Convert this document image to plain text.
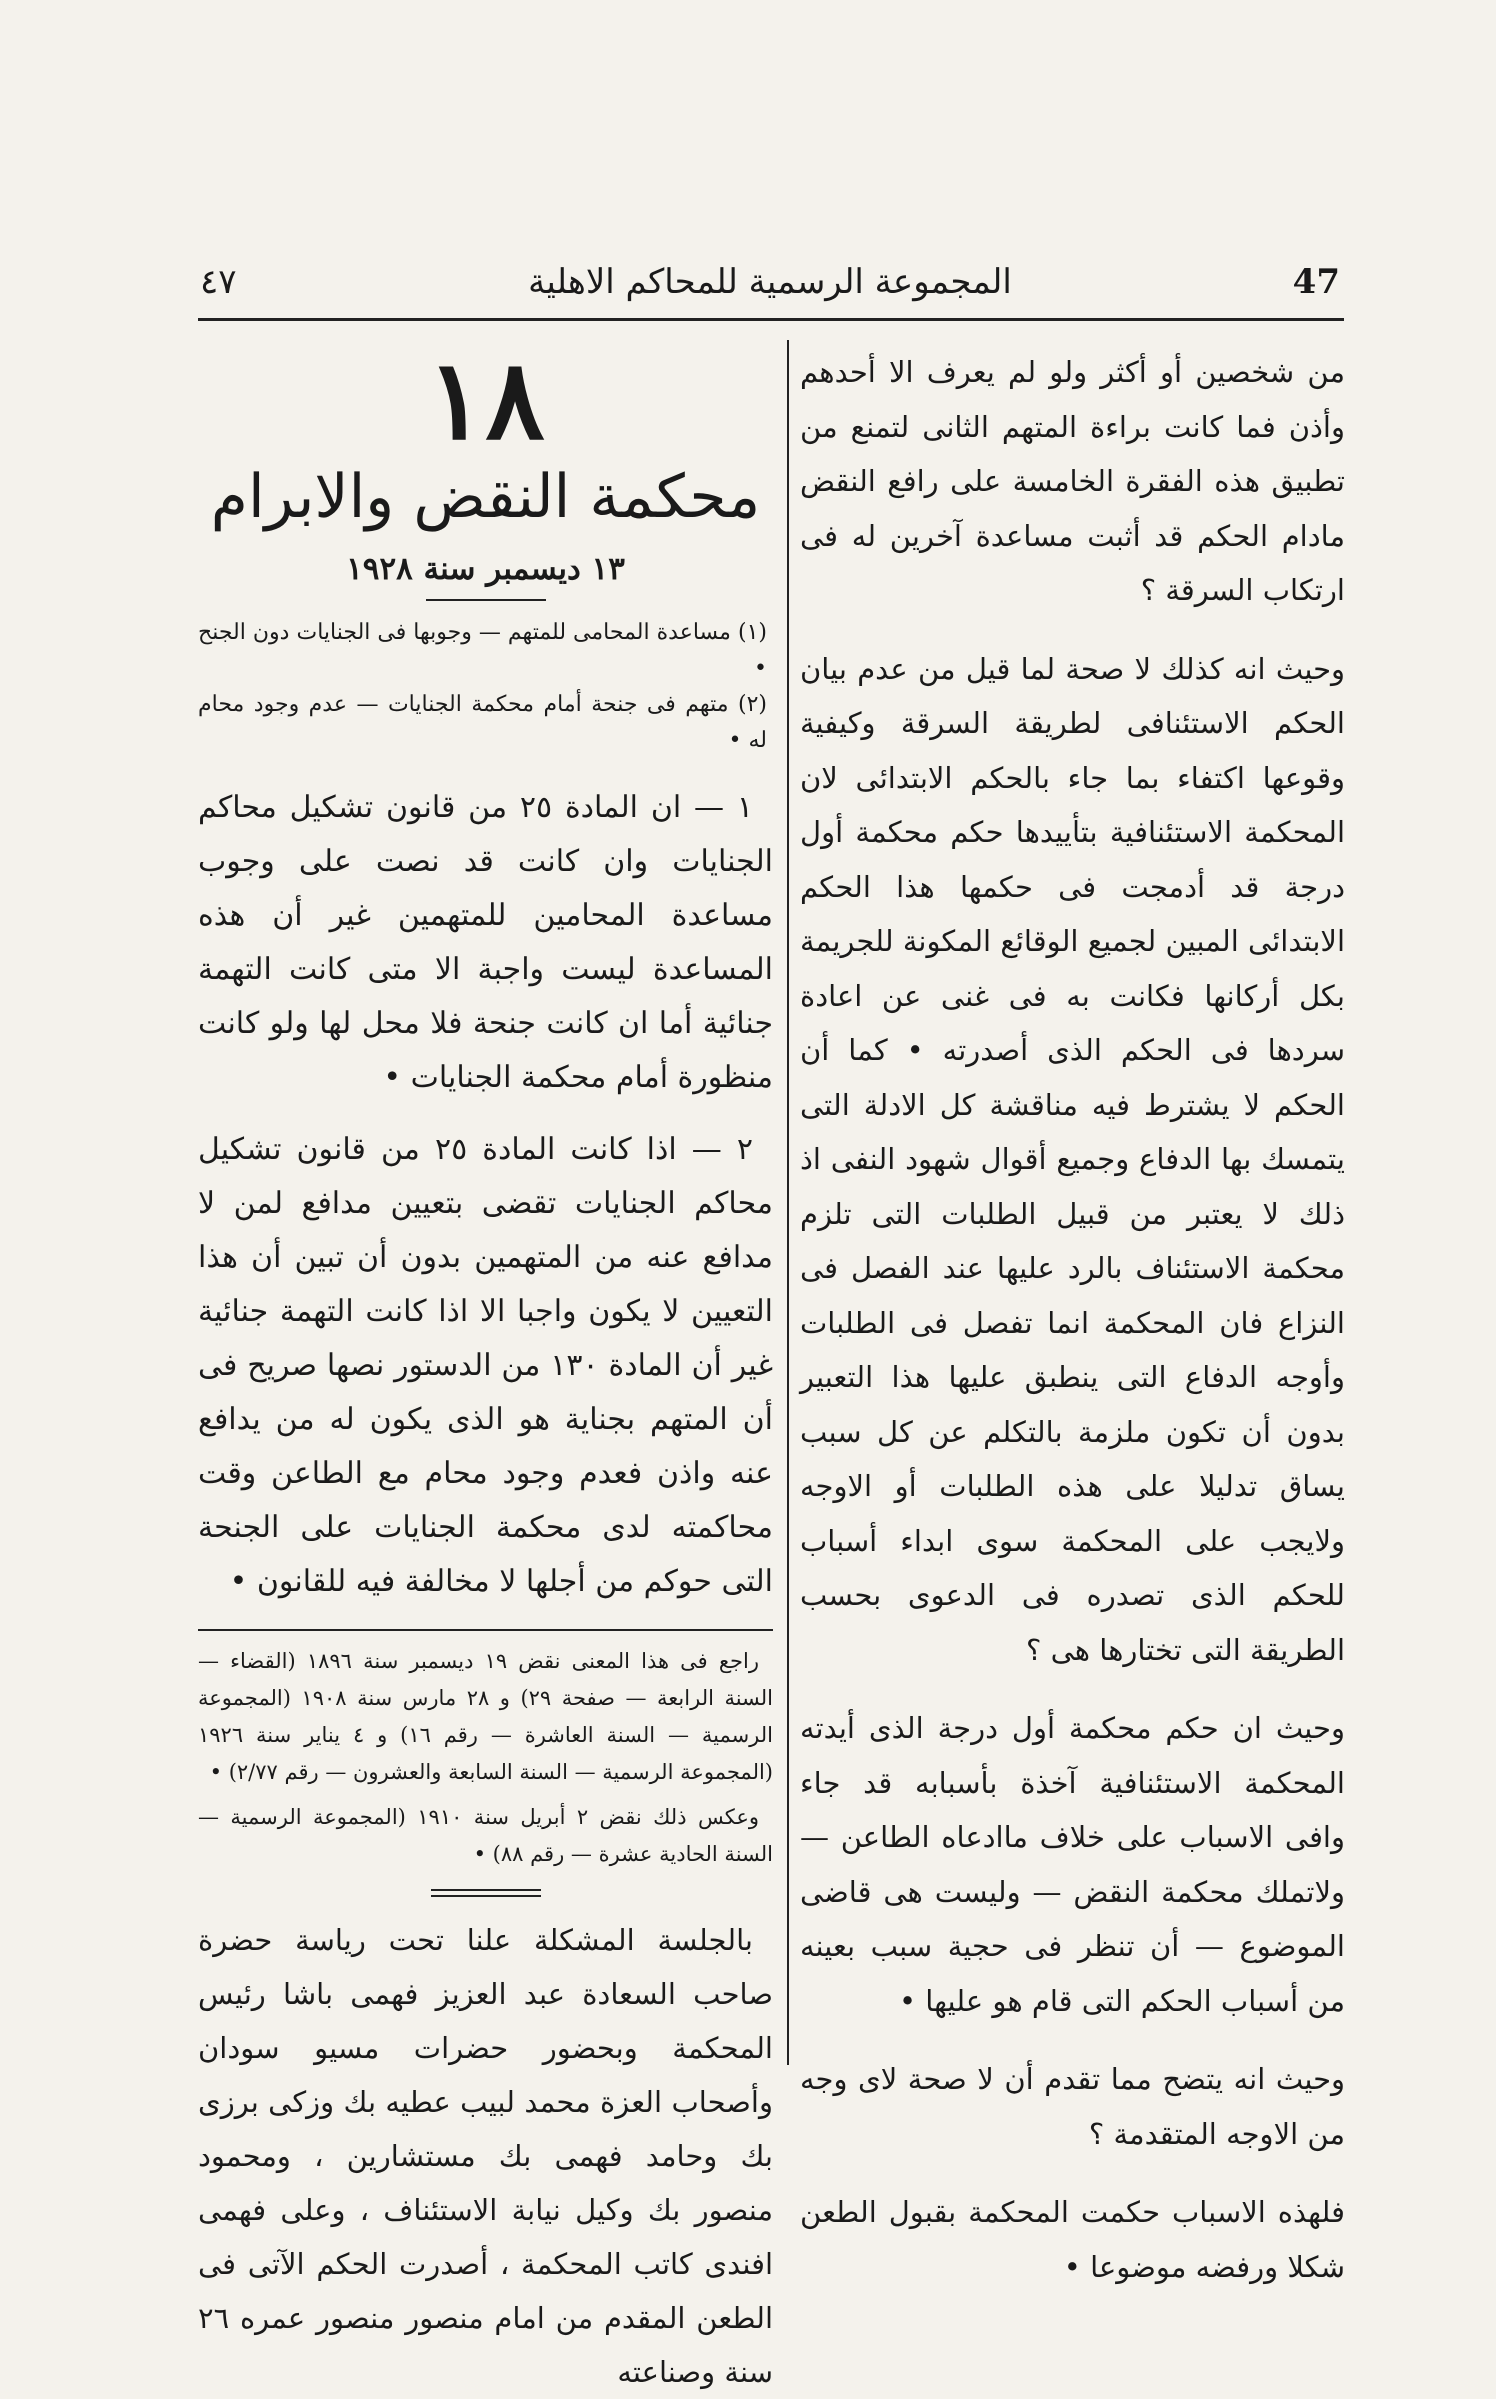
47
المجموعة الرسمية للمحاكم الاهلية
٤٧

من شخصين أو أكثر ولو لم يعرف الا أحدهم وأذن فما كانت براءة المتهم الثانى لتمنع من تطبيق هذه الفقرة الخامسة على رافع النقض مادام الحكم قد أثبت مساعدة آخرين له فى ارتكاب السرقة ؟

وحيث انه كذلك لا صحة لما قيل من عدم بيان الحكم الاستئنافى لطريقة السرقة وكيفية وقوعها اكتفاء بما جاء بالحكم الابتدائى لان المحكمة الاستئنافية بتأييدها حكم محكمة أول درجة قد أدمجت فى حكمها هذا الحكم الابتدائى المبين لجميع الوقائع المكونة للجريمة بكل أركانها فكانت به فى غنى عن اعادة سردها فى الحكم الذى أصدرته • كما أن الحكم لا يشترط فيه مناقشة كل الادلة التى يتمسك بها الدفاع وجميع أقوال شهود النفى اذ ذلك لا يعتبر من قبيل الطلبات التى تلزم محكمة الاستئناف بالرد عليها عند الفصل فى النزاع فان المحكمة انما تفصل فى الطلبات وأوجه الدفاع التى ينطبق عليها هذا التعبير بدون أن تكون ملزمة بالتكلم عن كل سبب يساق تدليلا على هذه الطلبات أو الاوجه ولايجب على المحكمة سوى ابداء أسباب للحكم الذى تصدره فى الدعوى بحسب الطريقة التى تختارها هى ؟

وحيث ان حكم محكمة أول درجة الذى أيدته المحكمة الاستئنافية آخذة بأسبابه قد جاء وافى الاسباب على خلاف ماادعاه الطاعن — ولاتملك محكمة النقض — وليست هى قاضى الموضوع — أن تنظر فى حجية سبب بعينه من أسباب الحكم التى قام هو عليها •

وحيث انه يتضح مما تقدم أن لا صحة لاى وجه من الاوجه المتقدمة ؟

فلهذه الاسباب حكمت المحكمة بقبول الطعن شكلا ورفضه موضوعا •

١٨

محكمة النقض والابرام

١٣ ديسمبر سنة ١٩٢٨

(١) مساعدة المحامى للمتهم — وجوبها فى الجنايات دون الجنح •

(٢) متهم فى جنحة أمام محكمة الجنايات — عدم وجود محام له •

١ — ان المادة ٢٥ من قانون تشكيل محاكم الجنايات وان كانت قد نصت على وجوب مساعدة المحامين للمتهمين غير أن هذه المساعدة ليست واجبة الا متى كانت التهمة جنائية أما ان كانت جنحة فلا محل لها ولو كانت منظورة أمام محكمة الجنايات •

٢ — اذا كانت المادة ٢٥ من قانون تشكيل محاكم الجنايات تقضى بتعيين مدافع لمن لا مدافع عنه من المتهمين بدون أن تبين أن هذا التعيين لا يكون واجبا الا اذا كانت التهمة جنائية غير أن المادة ١٣٠ من الدستور نصها صريح فى أن المتهم بجناية هو الذى يكون له من يدافع عنه واذن فعدم وجود محام مع الطاعن وقت محاكمته لدى محكمة الجنايات على الجنحة التى حوكم من أجلها لا مخالفة فيه للقانون •

راجع فى هذا المعنى نقض ١٩ ديسمبر سنة ١٨٩٦ (القضاء — السنة الرابعة — صفحة ٢٩) و ٢٨ مارس سنة ١٩٠٨ (المجموعة الرسمية — السنة العاشرة — رقم ١٦) و ٤ يناير سنة ١٩٢٦ (المجموعة الرسمية — السنة السابعة والعشرون — رقم ٢/٧٧) •

وعكس ذلك نقض ٢ أبريل سنة ١٩١٠ (المجموعة الرسمية — السنة الحادية عشرة — رقم ٨٨) •

بالجلسة المشكلة علنا تحت رياسة حضرة صاحب السعادة عبد العزيز فهمى باشا رئيس المحكمة وبحضور حضرات مسيو سودان وأصحاب العزة محمد لبيب عطيه بك وزكى برزى بك وحامد فهمى بك مستشارين ، ومحمود منصور بك وكيل نيابة الاستئناف ، وعلى فهمى افندى كاتب المحكمة ، أصدرت الحكم الآتى فى الطعن المقدم من امام منصور منصور عمره ٢٦ سنة وصناعته
